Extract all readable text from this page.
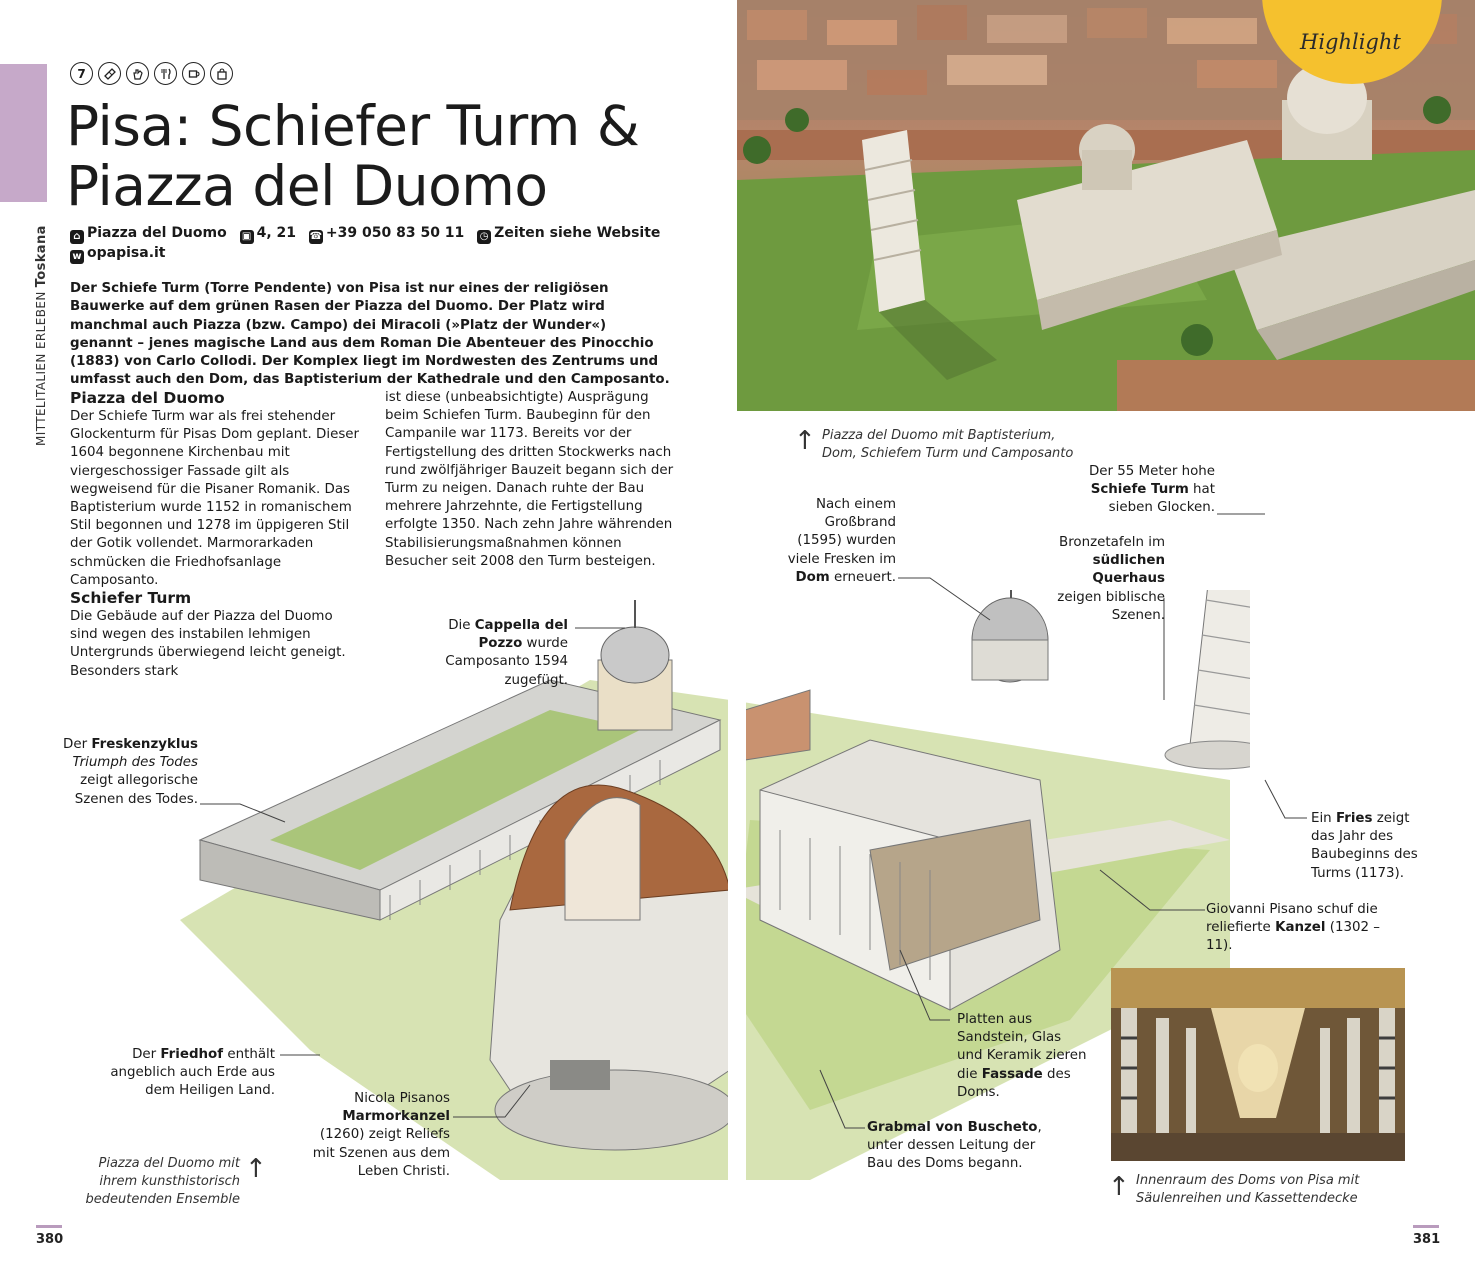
MITTELITALIEN ERLEBENToskana
7
Pisa: Schiefer Turm & Piazza del Duomo
⌂ Piazza del Duomo ▣ 4, 21 ☎ +39 050 83 50 11 ◷ Zeiten siehe Website
w opapisa.it

Der Schiefe Turm (Torre Pendente) von Pisa ist nur eines der religiösen Bauwerke auf dem grünen Rasen der Piazza del Duomo. Der Platz wird manchmal auch Piazza (bzw. Campo) dei Miracoli (»Platz der Wunder«) genannt – jenes magische Land aus dem Roman Die Abenteuer des Pinocchio (1883) von Carlo Collodi. Der Komplex liegt im Nordwesten des Zentrums und umfasst auch den Dom, das Baptisterium der Kathedrale und den Camposanto.

Piazza del Duomo

Der Schiefe Turm war als frei stehender Glockenturm für Pisas Dom geplant. Dieser 1604 begonnene Kirchenbau mit viergeschossiger Fassade gilt als wegweisend für die Pisaner Romanik. Das Baptisterium wurde 1152 in romanischem Stil begonnen und 1278 im üppigeren Stil der Gotik vollendet. Marmorarkaden schmücken die Friedhofsanlage Camposanto.

ist diese (unbeabsichtigte) Ausprägung beim Schiefen Turm. Baubeginn für den Campanile war 1173. Bereits vor der Fertigstellung des dritten Stockwerks nach rund zwölfjähriger Bauzeit begann sich der Turm zu neigen. Danach ruhte der Bau mehrere Jahrzehnte, die Fertigstellung erfolgte 1350. Nach zehn Jahre währenden Stabilisierungsmaßnahmen können Besucher seit 2008 den Turm besteigen.

Schiefer Turm

Die Gebäude auf der Piazza del Duomo sind wegen des instabilen lehmigen Untergrunds überwiegend leicht geneigt. Besonders stark

Highlight
↑ Piazza del Duomo mit Baptisterium, Dom, Schiefem Turm und Camposanto
Die Cappella del Pozzo wurde Camposanto 1594 zugefügt.
Der Freskenzyklus Triumph des Todes zeigt allegorische Szenen des Todes.
Der Friedhof enthält angeblich auch Erde aus dem Heiligen Land.
Nicola Pisanos Marmorkanzel (1260) zeigt Reliefs mit Szenen aus dem Leben Christi.
Nach einem Großbrand (1595) wurden viele Fresken im Dom erneuert.
Der 55 Meter hohe Schiefe Turm hat sieben Glocken.
Bronzetafeln im südlichen Querhaus zeigen biblische Szenen.
Ein Fries zeigt das Jahr des Baubeginns des Turms (1173).
Giovanni Pisano schuf die reliefierte Kanzel (1302 – 11).
Platten aus Sandstein, Glas und Keramik zieren die Fassade des Doms.
Grabmal von Buscheto, unter dessen Leitung der Bau des Doms begann.
↑
Piazza del Duomo mit ihrem kunsthistorisch bedeutenden Ensemble	↑ Innenraum des Doms von Pisa mit Säulenreihen und Kassettendecke
380	381
